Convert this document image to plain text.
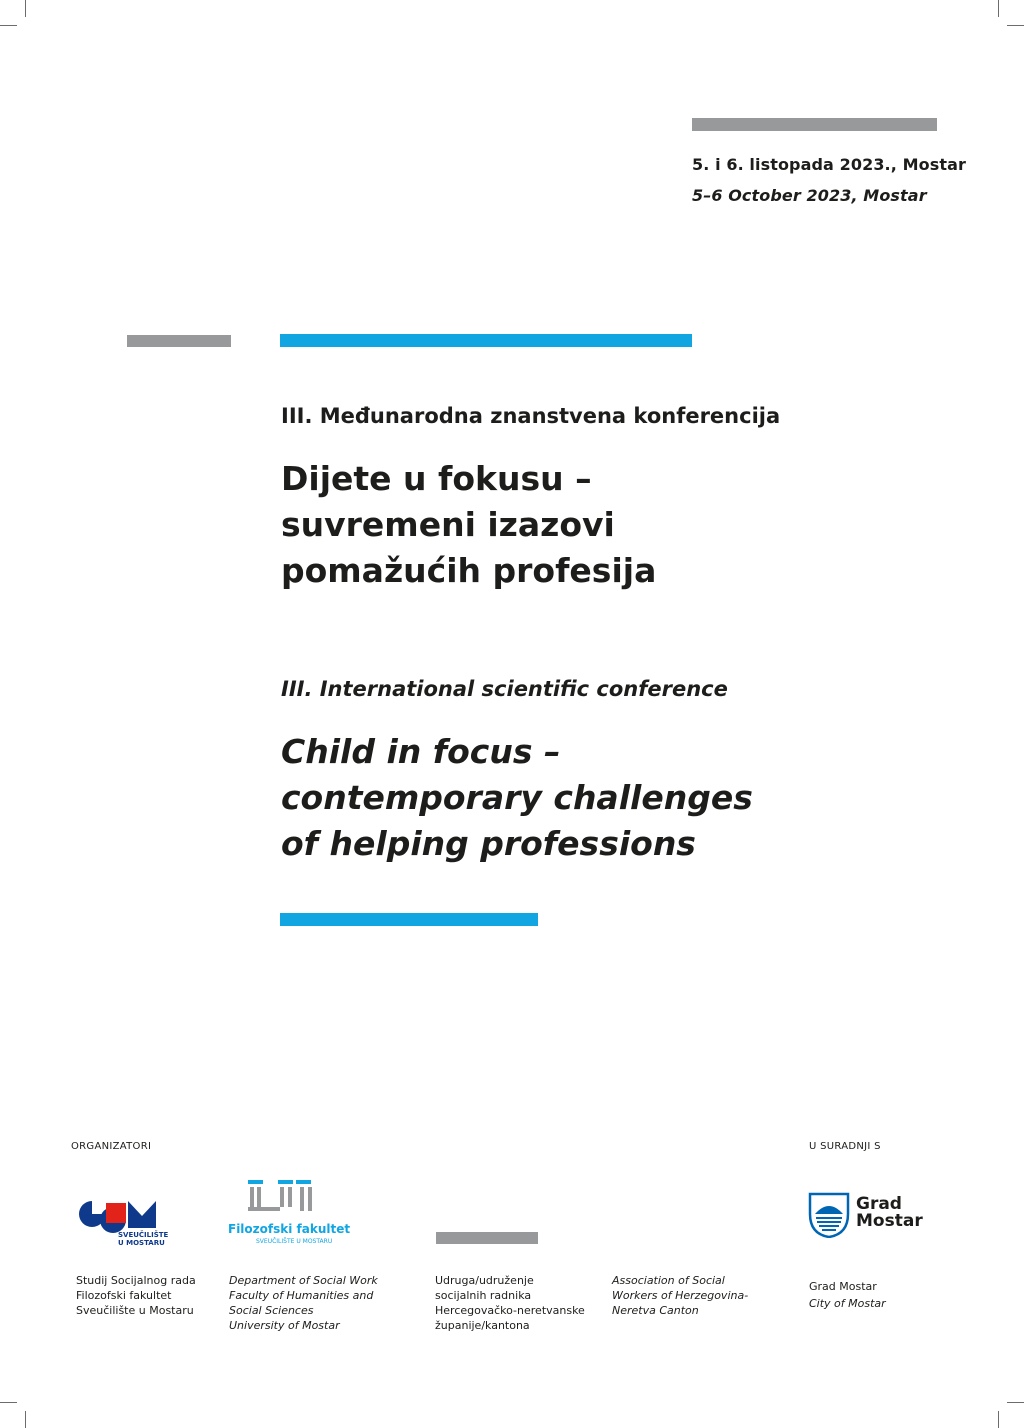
5. i 6. listopada 2023., Mostar
5–6 October 2023, Mostar
III. Međunarodna znanstvena konferencija
Dijete u fokusu –
suvremeni izazovi
pomažućih profesija
III. International scientific conference
Child in focus –
contemporary challenges
of helping professions
ORGANIZATORI	U SURADNJI S
SVEUČILIŠTE
U MOSTARU
Filozofski fakultet
SVEUČILIŠTE U MOSTARU
Grad
Mostar
Studij Socijalnog rada
Filozofski fakultet
Sveučilište u Mostaru
Department of Social Work
Faculty of Humanities and
Social Sciences
University of Mostar
Udruga/udruženje
socijalnih radnika
Hercegovačko-neretvanske
županije/kantona
Association of Social
Workers of Herzegovina-
Neretva Canton
Grad Mostar
City of Mostar
